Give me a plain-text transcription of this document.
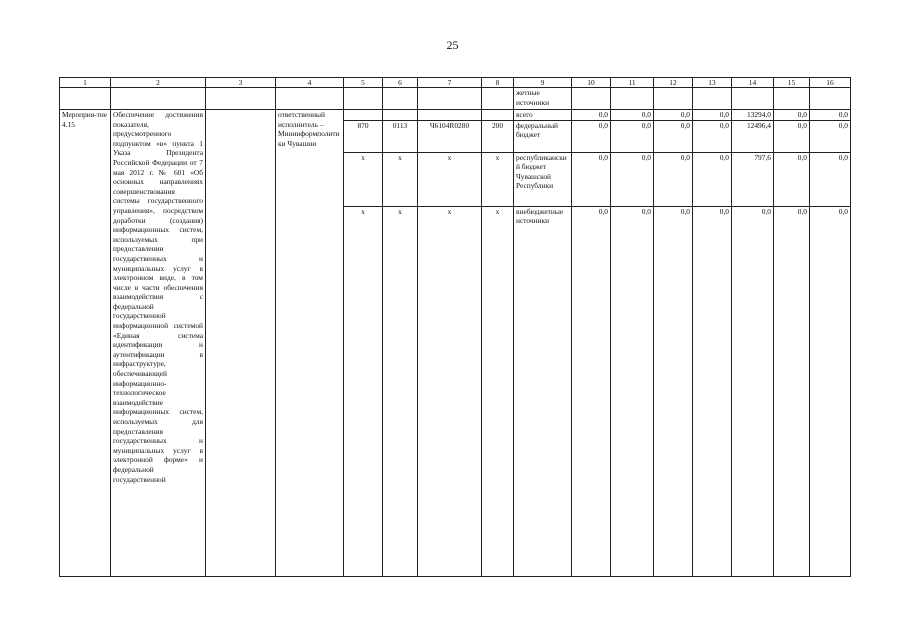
25
1	2	3	4	5	6	7	8	9	10	11	12	13	14	15	16
								жетные источники							
Мероприя-тие 4.15	Обеспечение достижения показателя, предусмотренного подпунктом «в» пункта 1 Указа Президента Российской Федерации от 7 мая 2012 г. № 601 «Об основных направлениях совершенствования системы государственного управления», посредством доработки (создания) информационных систем, используемых при предоставлении государственных и муниципальных услуг в электронном виде, в том числе в части обеспечения взаимодействия с федеральной государственной информационной системой «Единая система идентификации и аутентификации в инфраструктуре, обеспечивающей информационно-технологическое взаимодействие информационных систем, используемых для предоставления государственных и муниципальных услуг в электронной форме» и федеральной государственной		ответственный исполнитель – Мининформполитики Чувашии					всего	0,0	0,0	0,0	0,0	13294,0	0,0	0,0
				870	0113	Ч6104R0280	200	федеральный бюджет	0,0	0,0	0,0	0,0	12496,4	0,0	0,0
				x	x	x	x	республиканский бюджет Чувашской Республики	0,0	0,0	0,0	0,0	797,6	0,0	0,0
				x	x	x	x	внебюджетные источники	0,0	0,0	0,0	0,0	0,0	0,0	0,0
